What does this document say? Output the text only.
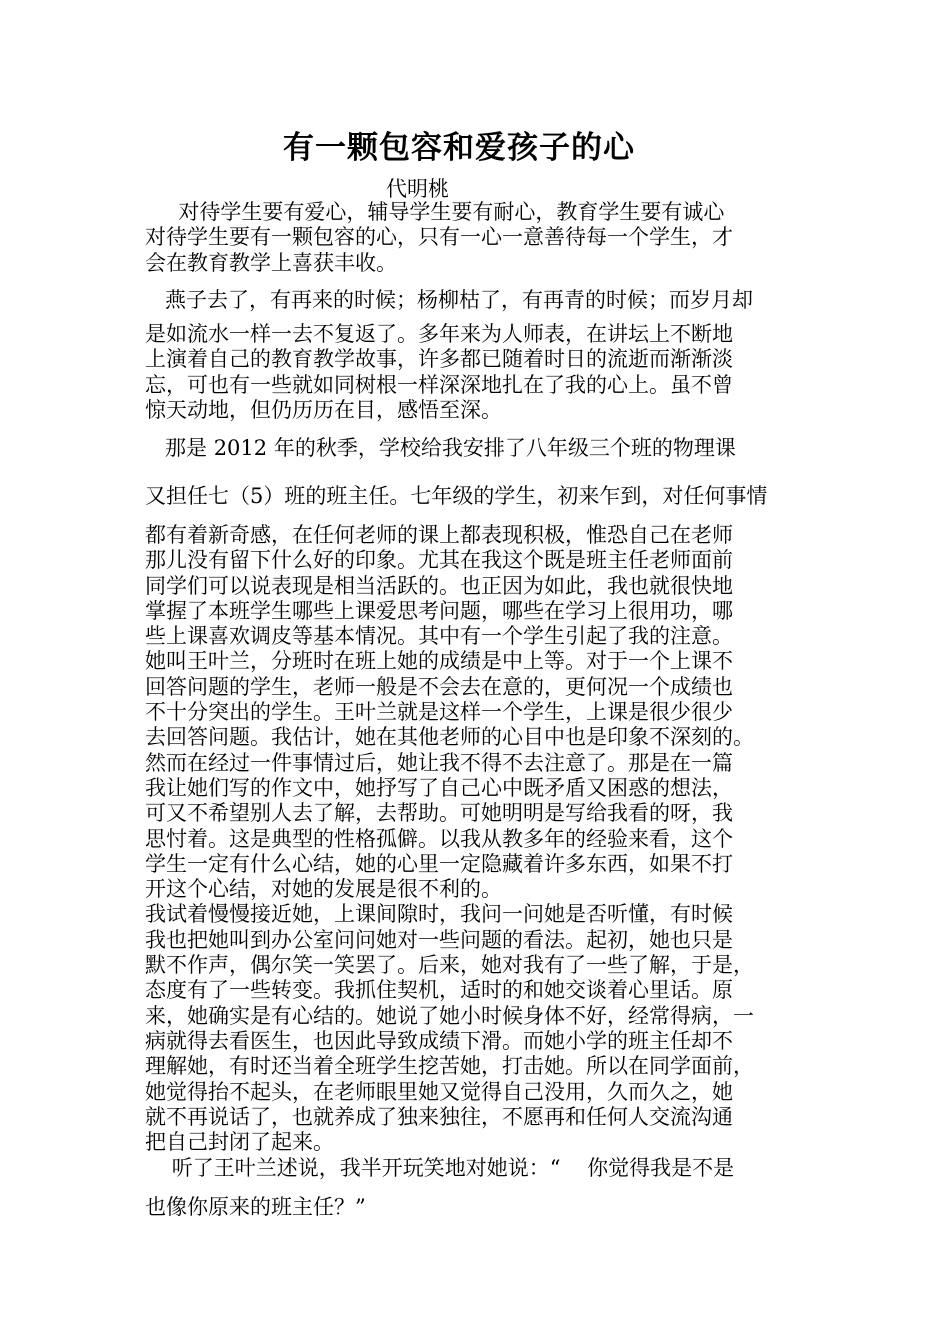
有一颗包容和爱孩子的心
代明桃

对待学生要有爱心，辅导学生要有耐心，教育学生要有诚心

对待学生要有一颗包容的心，只有一心一意善待每一个学生，才

会在教育教学上喜获丰收。

燕子去了，有再来的时候；杨柳枯了，有再青的时候；而岁月却

是如流水一样一去不复返了。多年来为人师表，在讲坛上不断地

上演着自己的教育教学故事，许多都已随着时日的流逝而渐渐淡

忘，可也有一些就如同树根一样深深地扎在了我的心上。虽不曾

惊天动地，但仍历历在目，感悟至深。

那是 2012 年的秋季，学校给我安排了八年级三个班的物理课

又担任七（5）班的班主任。七年级的学生，初来乍到，对任何事情

都有着新奇感，在任何老师的课上都表现积极，惟恐自己在老师

那儿没有留下什么好的印象。尤其在我这个既是班主任老师面前

同学们可以说表现是相当活跃的。也正因为如此，我也就很快地

掌握了本班学生哪些上课爱思考问题，哪些在学习上很用功，哪

些上课喜欢调皮等基本情况。其中有一个学生引起了我的注意。

她叫王叶兰，分班时在班上她的成绩是中上等。对于一个上课不

回答问题的学生，老师一般是不会去在意的，更何况一个成绩也

不十分突出的学生。王叶兰就是这样一个学生，上课是很少很少

去回答问题。我估计，她在其他老师的心目中也是印象不深刻的。

然而在经过一件事情过后，她让我不得不去注意了。那是在一篇

我让她们写的作文中，她抒写了自己心中既矛盾又困惑的想法，

可又不希望别人去了解，去帮助。可她明明是写给我看的呀，我

思忖着。这是典型的性格孤僻。以我从教多年的经验来看，这个

学生一定有什么心结，她的心里一定隐藏着许多东西，如果不打

开这个心结，对她的发展是很不利的。

我试着慢慢接近她，上课间隙时，我问一问她是否听懂，有时候

我也把她叫到办公室问问她对一些问题的看法。起初，她也只是

默不作声，偶尔笑一笑罢了。后来，她对我有了一些了解，于是，

态度有了一些转变。我抓住契机，适时的和她交谈着心里话。原

来，她确实是有心结的。她说了她小时候身体不好，经常得病，一

病就得去看医生，也因此导致成绩下滑。而她小学的班主任却不

理解她，有时还当着全班学生挖苦她，打击她。所以在同学面前，

她觉得抬不起头，在老师眼里她又觉得自己没用，久而久之，她

就不再说话了，也就养成了独来独往，不愿再和任何人交流沟通

把自己封闭了起来。

听了王叶兰述说，我半开玩笑地对她说：“    你觉得我是不是

也像你原来的班主任？”
